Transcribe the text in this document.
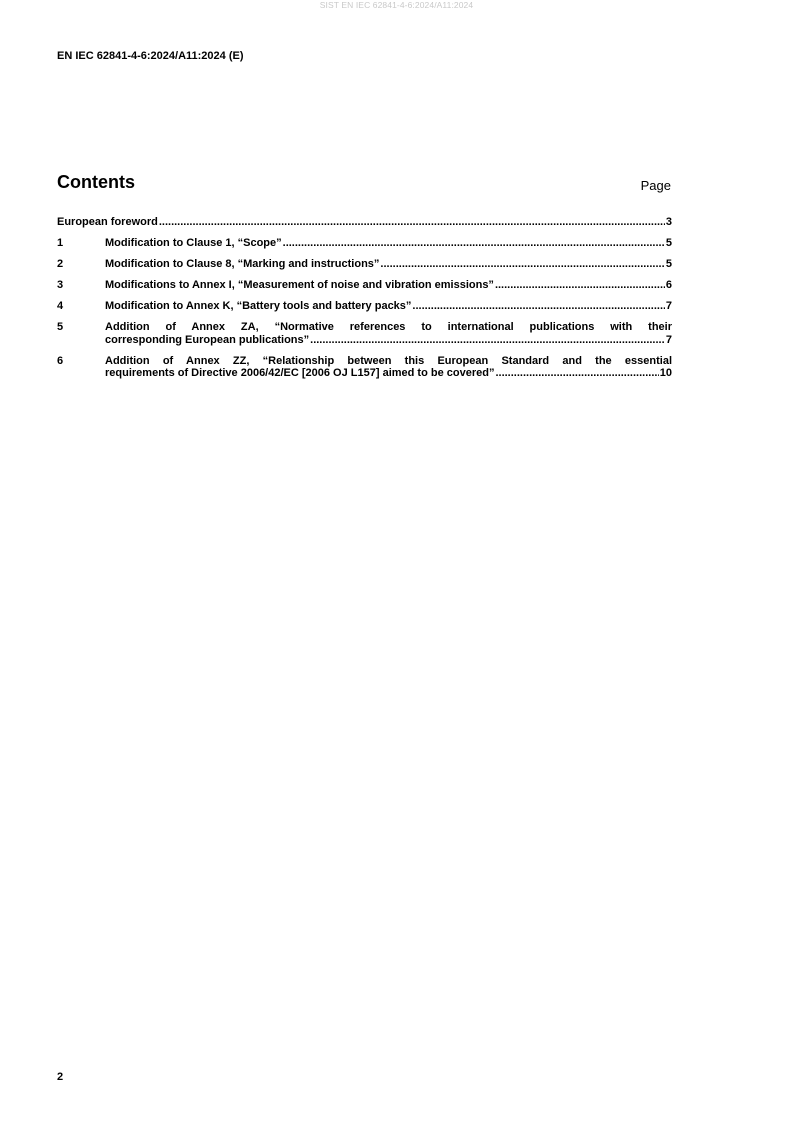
SIST EN IEC 62841-4-6:2024/A11:2024
EN IEC 62841-4-6:2024/A11:2024 (E)
Contents	Page
European foreword .....	3
1	Modification to Clause 1, “Scope” .....	5
2	Modification to Clause 8, “Marking and instructions” .....	5
3	Modifications to Annex I, “Measurement of noise and vibration emissions” .....	6
4	Modification to Annex K, “Battery tools and battery packs” .....	7
5	Addition of Annex ZA, “Normative references to international publications with their
corresponding European publications” .....	7
6	Addition of Annex ZZ, “Relationship between this European Standard and the essential
requirements of Directive 2006/42/EC [2006 OJ L157] aimed to be covered” .....	10
2
